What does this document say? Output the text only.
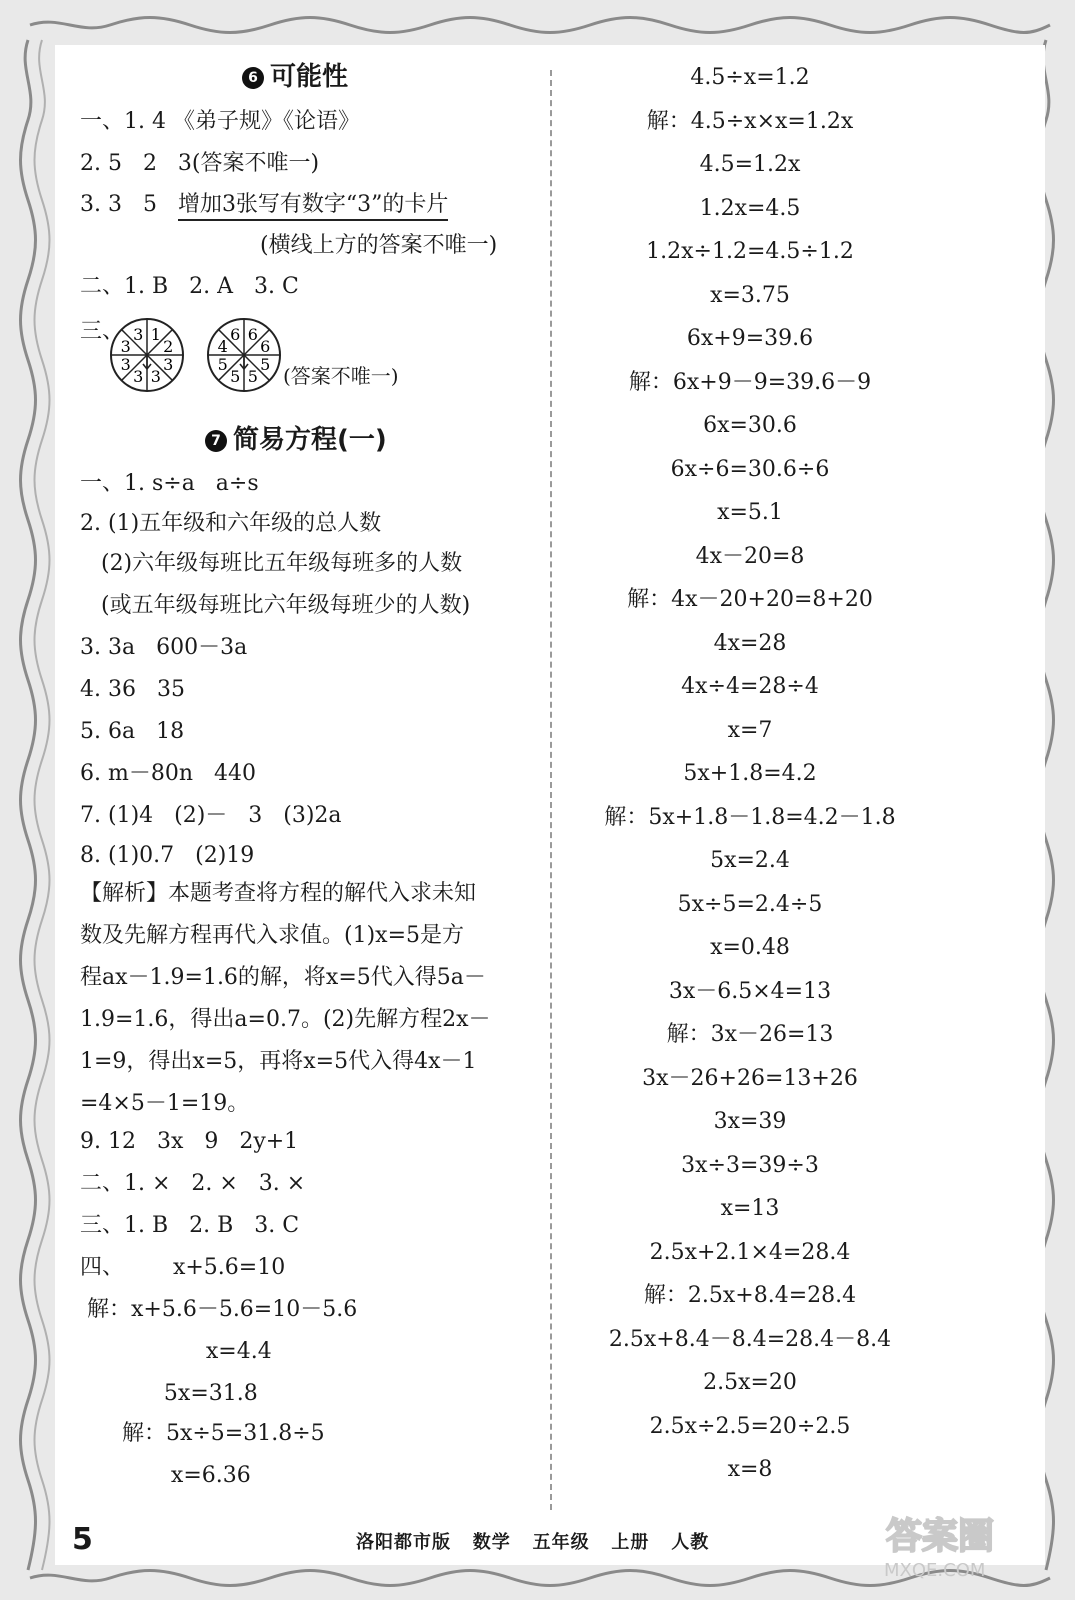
6 可能性
一、1. 4 《弟子规》《论语》
2. 5   2   3(答案不唯一)
3. 3   5   增加3张写有数字“3”的卡片
(横线上方的答案不唯一)
二、1. B   2. A   3. C
三、 1
2
3
3
3
3
3
3	6
6
5
5
5
5
4
6
(答案不唯一)
7 简易方程(一)
一、1. s÷a   a÷s
2. (1)五年级和六年级的总人数
(2)六年级每班比五年级每班多的人数
(或五年级每班比六年级每班少的人数)
3. 3a   600－3a
4. 36   35
5. 6a   18
6. m－80n   440
7. (1)4   (2)－   3   (3)2a
8. (1)0.7   (2)19
【解析】本题考查将方程的解代入求未知
数及先解方程再代入求值。(1)x=5是方
程ax－1.9=1.6的解，将x=5代入得5a－
1.9=1.6，得出a=0.7。(2)先解方程2x－
1=9，得出x=5，再将x=5代入得4x－1
=4×5－1=19。
9. 12   3x   9   2y+1
二、1. ×   2. ×   3. ×
三、1. B   2. B   3. C
四、       x+5.6=10
解：x+5.6－5.6=10－5.6
x=4.4
5x=31.8
解：5x÷5=31.8÷5
x=6.36
4.5÷x=1.2
解：4.5÷x×x=1.2x
4.5=1.2x
1.2x=4.5
1.2x÷1.2=4.5÷1.2
x=3.75
6x+9=39.6
解：6x+9－9=39.6－9
6x=30.6
6x÷6=30.6÷6
x=5.1
4x－20=8
解：4x－20+20=8+20
4x=28
4x÷4=28÷4
x=7
5x+1.8=4.2
解：5x+1.8－1.8=4.2－1.8
5x=2.4
5x÷5=2.4÷5
x=0.48
3x－6.5×4=13
解：3x－26=13
3x－26+26=13+26
3x=39
3x÷3=39÷3
x=13
2.5x+2.1×4=28.4
解：2.5x+8.4=28.4
2.5x+8.4－8.4=28.4－8.4
2.5x=20
2.5x÷2.5=20÷2.5
x=8
5	洛阳都市版   数学   五年级   上册   人教	答案圈
MXQE.COM
